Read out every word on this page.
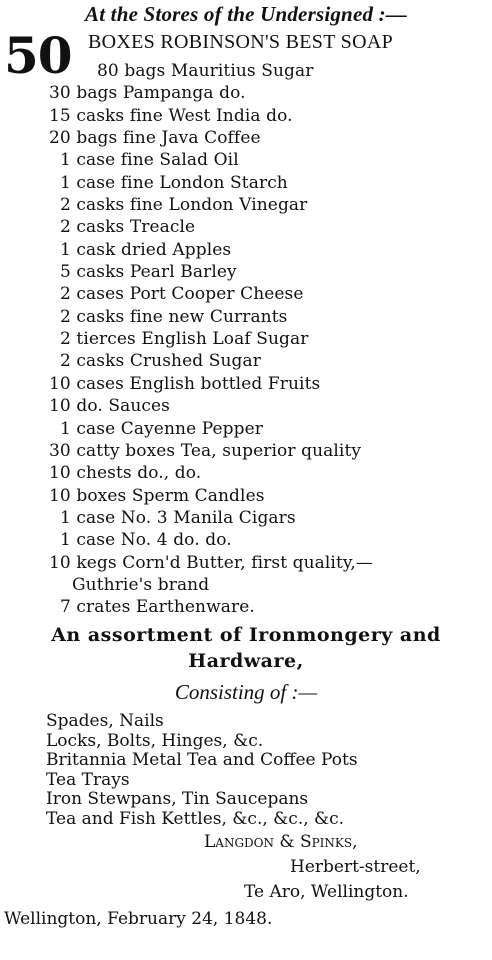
At the Stores of the Undersigned :—
50 BOXES ROBINSON'S BEST SOAP
80 bags Mauritius Sugar
30 bags Pampanga do.
15 casks fine West India do.
20 bags fine Java Coffee
1 case fine Salad Oil
1 case fine London Starch
2 casks fine London Vinegar
2 casks Treacle
1 cask dried Apples
5 casks Pearl Barley
2 cases Port Cooper Cheese
2 casks fine new Currants
2 tierces English Loaf Sugar
2 casks Crushed Sugar
10 cases English bottled Fruits
10 do. Sauces
1 case Cayenne Pepper
30 catty boxes Tea, superior quality
10 chests do., do.
10 boxes Sperm Candles
1 case No. 3 Manila Cigars
1 case No. 4 do. do.
10 kegs Corn'd Butter, first quality,—
Guthrie's brand
7 crates Earthenware.
An assortment of Ironmongery and
Hardware,
Consisting of :—
Spades, Nails
Locks, Bolts, Hinges, &c.
Britannia Metal Tea and Coffee Pots
Tea Trays
Iron Stewpans, Tin Saucepans
Tea and Fish Kettles, &c., &c., &c.
Langdon & Spinks,
Herbert-street,
Te Aro, Wellington.
Wellington, February 24, 1848.
